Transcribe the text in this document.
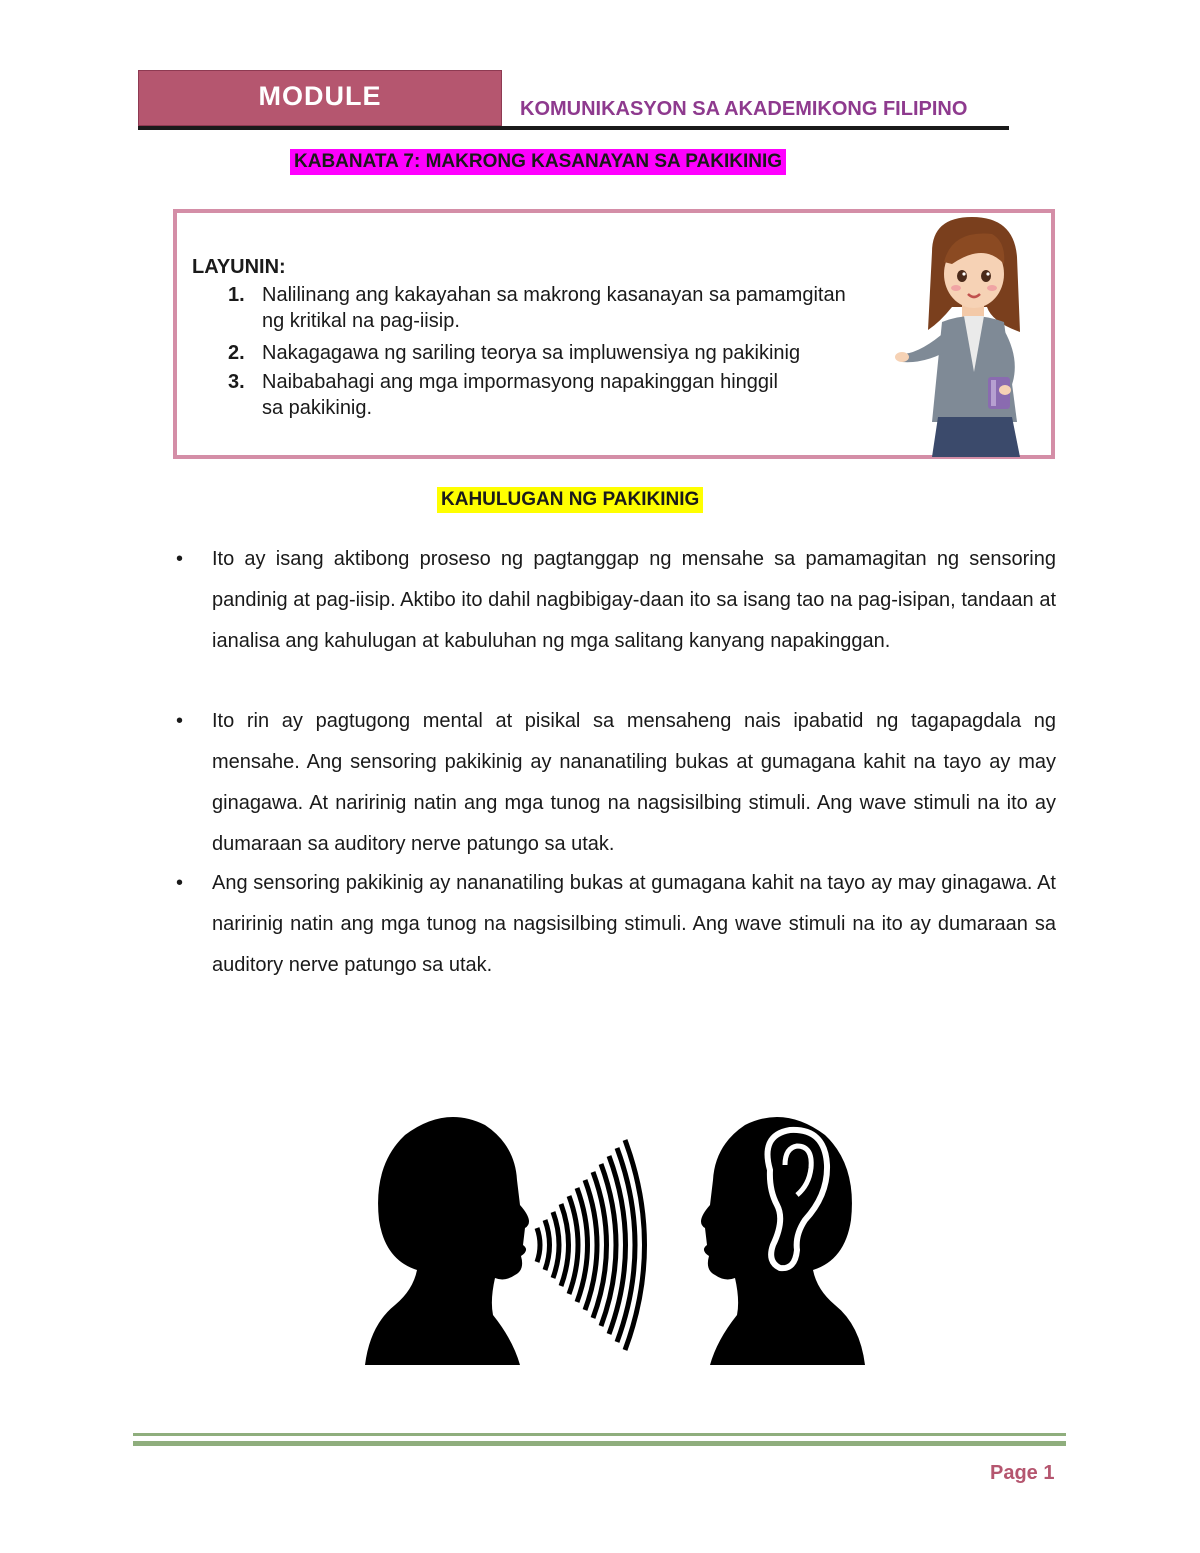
MODULE	KOMUNIKASYON SA AKADEMIKONG FILIPINO
KABANATA 7: MAKRONG KASANAYAN SA PAKIKINIG
LAYUNIN:
1. Nalilinang ang kakayahan sa makrong kasanayan sa pamamgitan
ng kritikal na pag-iisip.
2. Nakagagawa ng sariling teorya sa impluwensiya ng pakikinig
3. Naibabahagi ang mga impormasyong napakinggan hinggil
sa pakikinig.
KAHULUGAN NG PAKIKINIG
• Ito ay isang aktibong proseso ng pagtanggap ng mensahe sa pamamagitan ng sensoring pandinig at pag-iisip. Aktibo ito dahil nagbibigay-daan ito sa isang tao na pag-isipan, tandaan at ianalisa ang kahulugan at kabuluhan ng mga salitang kanyang napakinggan.
• Ito rin ay pagtugong mental at pisikal sa mensaheng nais ipabatid ng tagapagdala ng mensahe. Ang sensoring pakikinig ay nananatiling bukas at gumagana kahit na tayo ay may ginagawa. At naririnig natin ang mga tunog na nagsisilbing stimuli. Ang wave stimuli na ito ay dumaraan sa auditory nerve patungo sa utak.
• Ang sensoring pakikinig ay nananatiling bukas at gumagana kahit na tayo ay may ginagawa. At naririnig natin ang mga tunog na nagsisilbing stimuli. Ang wave stimuli na ito ay dumaraan sa auditory nerve patungo sa utak.
Page 1
